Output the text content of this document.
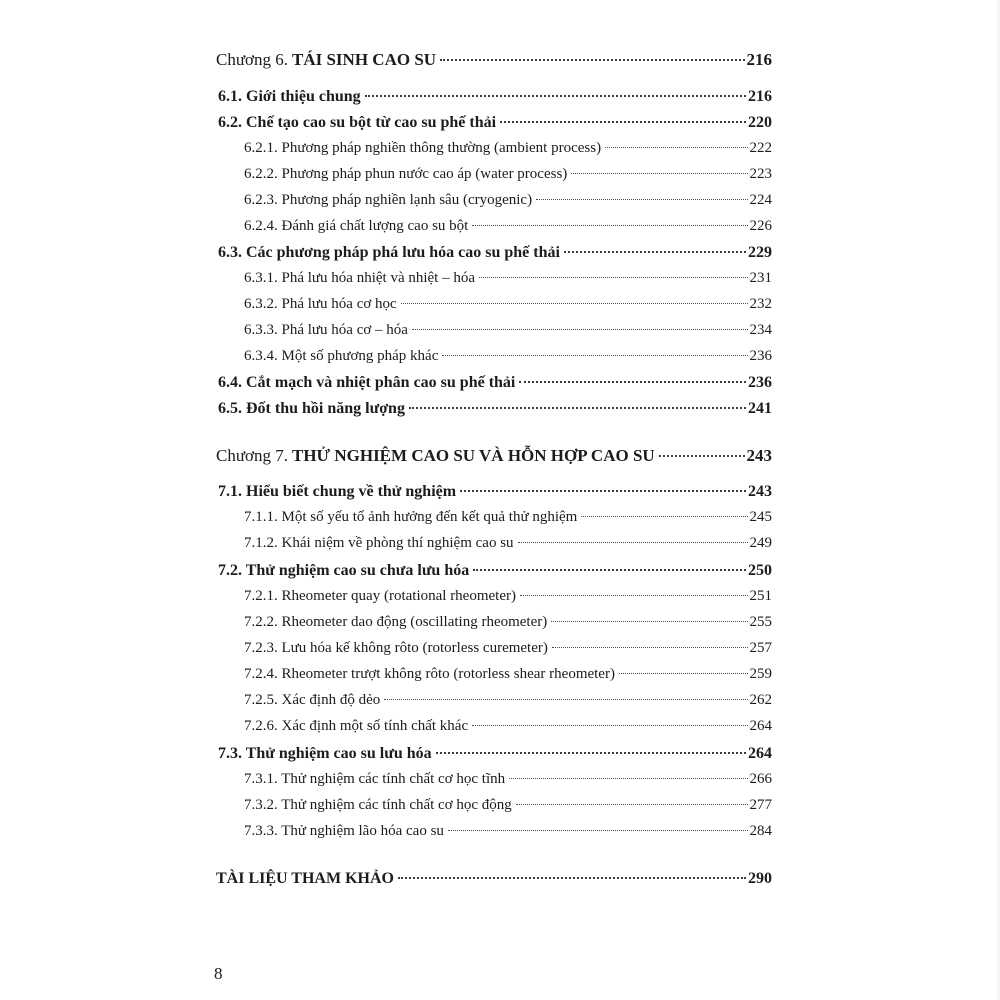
Chương 6. TÁI SINH CAO SU	216
6.1. Giới thiệu chung	216
6.2. Chế tạo cao su bột từ cao su phế thải	220
6.2.1. Phương pháp nghiền thông thường (ambient process)	222
6.2.2. Phương pháp phun nước cao áp (water process)	223
6.2.3. Phương pháp nghiền lạnh sâu (cryogenic)	224
6.2.4. Đánh giá chất lượng cao su bột	226
6.3. Các phương pháp phá lưu hóa cao su phế thải	229
6.3.1. Phá lưu hóa nhiệt và nhiệt – hóa	231
6.3.2. Phá lưu hóa cơ học	232
6.3.3. Phá lưu hóa cơ – hóa	234
6.3.4. Một số phương pháp khác	236
6.4. Cắt mạch và nhiệt phân cao su phế thải	236
6.5. Đốt thu hồi năng lượng	241
Chương 7. THỬ NGHIỆM CAO SU VÀ HỖN HỢP CAO SU	243
7.1. Hiểu biết chung về thử nghiệm	243
7.1.1. Một số yếu tố ảnh hưởng đến kết quả thử nghiệm	245
7.1.2. Khái niệm về phòng thí nghiệm cao su	249
7.2. Thử nghiệm cao su chưa lưu hóa	250
7.2.1. Rheometer quay (rotational rheometer)	251
7.2.2. Rheometer dao động (oscillating rheometer)	255
7.2.3. Lưu hóa kế không rôto (rotorless curemeter)	257
7.2.4. Rheometer trượt không rôto (rotorless shear rheometer)	259
7.2.5. Xác định độ dẻo	262
7.2.6. Xác định một số tính chất khác	264
7.3. Thử nghiệm cao su lưu hóa	264
7.3.1. Thử nghiệm các tính chất cơ học tĩnh	266
7.3.2. Thử nghiệm các tính chất cơ học động	277
7.3.3. Thử nghiệm lão hóa cao su	284
TÀI LIỆU THAM KHẢO	290
8
